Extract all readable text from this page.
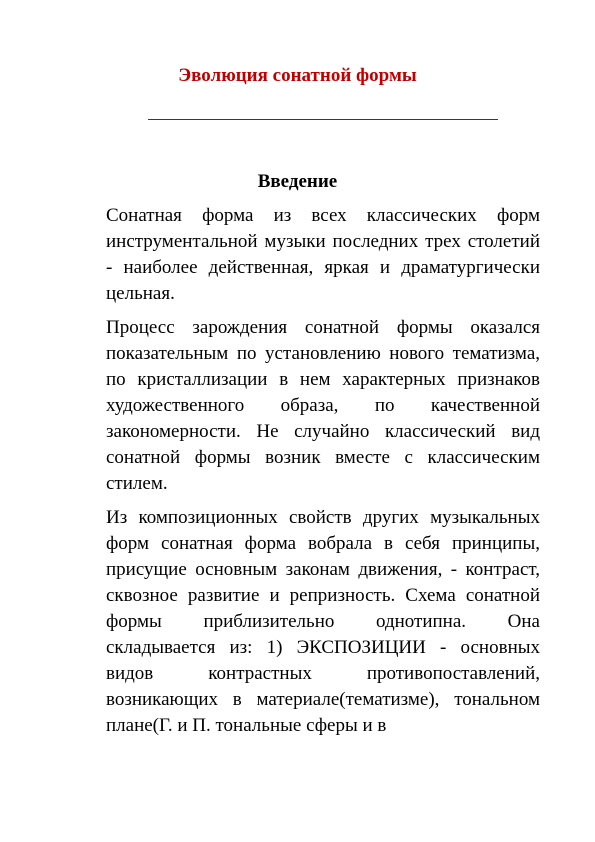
Эволюция сонатной формы
Введение

Сонатная форма из всех классических форм инструментальной музыки последних трех столетий - наиболее действенная, яркая и драматургически цельная.

Процесс зарождения сонатной формы оказался показательным по установлению нового тематизма, по кристаллизации в нем характерных признаков художественного образа, по качественной закономерности. Не случайно классический вид сонатной формы возник вместе с классическим стилем.

Из композиционных свойств других музыкальных форм сонатная форма вобрала в себя принципы, присущие основным законам движения, - контраст, сквозное развитие и репризность. Схема сонатной формы приблизительно однотипна. Она складывается из: 1) ЭКСПОЗИЦИИ - основных видов контрастных противопоставлений, возникающих в материале(тематизме), тональном плане(Г. и П. тональные сферы и в
